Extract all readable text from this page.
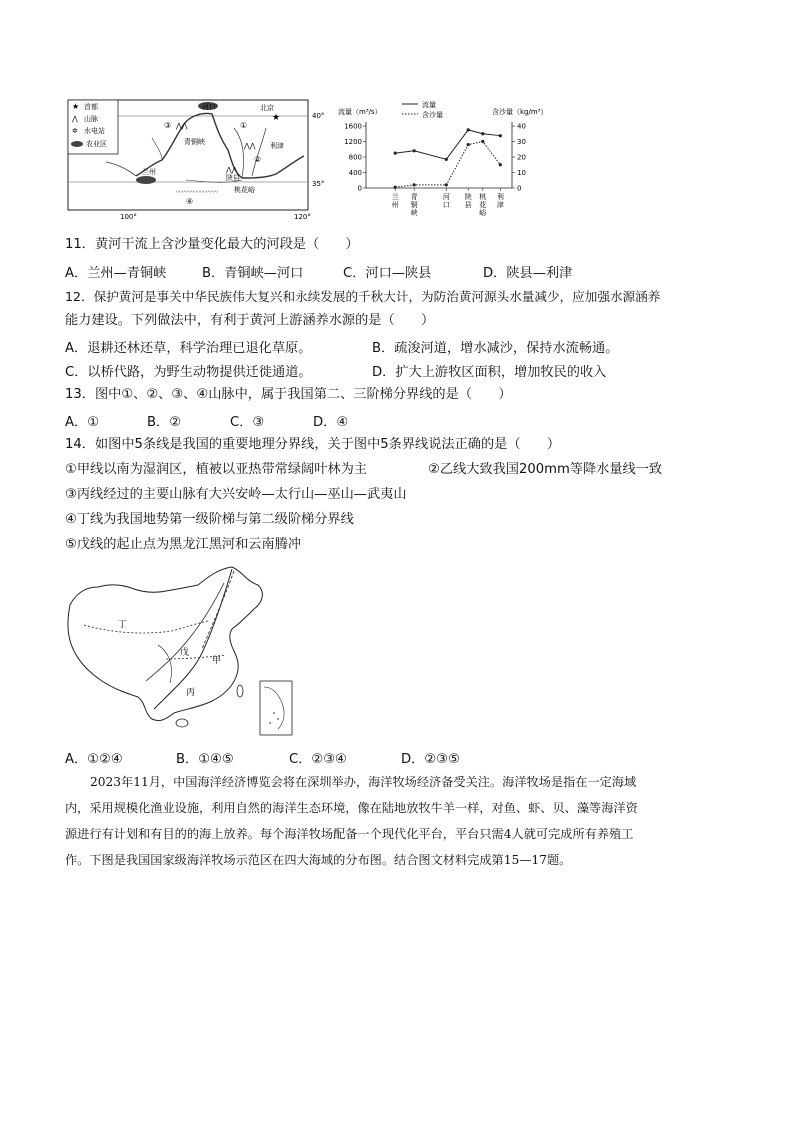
★ 首都
⋀ 山脉
✲ 水电站
农业区
⋀⋀
⋀⋀
⋀⋀
〰〰〰〰〰〰〰
★
河口	北京
青铜峡
兰州
陕县
利津
桃花峪
③	①
②
④
40°
35°
100°	120°
流量（m³/s）	含沙量（kg/m³）
流量
含沙量
1600
1200
800
400
0
40
30
20
10
0
兰
州
青
铜
峡
河
口
陕
县
桃
花
峪
利
津
11．黄河干流上含沙量变化最大的河段是（　　）
A．兰州—青铜峡	B．青铜峡—河口	C．河口—陕县	D．陕县—利津
12．保护黄河是事关中华民族伟大复兴和永续发展的千秋大计，为防治黄河源头水量减少，应加强水源涵养
能力建设。下列做法中，有利于黄河上游涵养水源的是（　　）
A．退耕还林还草，科学治理已退化草原。	B．疏浚河道，增水减沙，保持水流畅通。
C．以桥代路，为野生动物提供迁徙通道。	D．扩大上游牧区面积，增加牧民的收入
13．图中①、②、③、④山脉中，属于我国第二、三阶梯分界线的是（　　）
A．①	B．②	C．③	D．④
14．如图中5条线是我国的重要地理分界线，关于图中5条界线说法正确的是（　　）
①甲线以南为湿润区，植被以亚热带常绿阔叶林为主	②乙线大致我国200mm等降水量线一致
③丙线经过的主要山脉有大兴安岭—太行山—巫山—武夷山
④丁线为我国地势第一级阶梯与第二级阶梯分界线
⑤戊线的起止点为黑龙江黑河和云南腾冲
丁
戊
甲
丙
A．①②④	B．①④⑤	C．②③④	D．②③⑤
2023年11月，中国海洋经济博览会将在深圳举办，海洋牧场经济备受关注。海洋牧场是指在一定海域
内，采用规模化渔业设施，利用自然的海洋生态环境，像在陆地放牧牛羊一样，对鱼、虾、贝、藻等海洋资
源进行有计划和有目的的海上放养。每个海洋牧场配备一个现代化平台，平台只需4人就可完成所有养殖工
作。下图是我国国家级海洋牧场示范区在四大海域的分布图。结合图文材料完成第15—17题。
